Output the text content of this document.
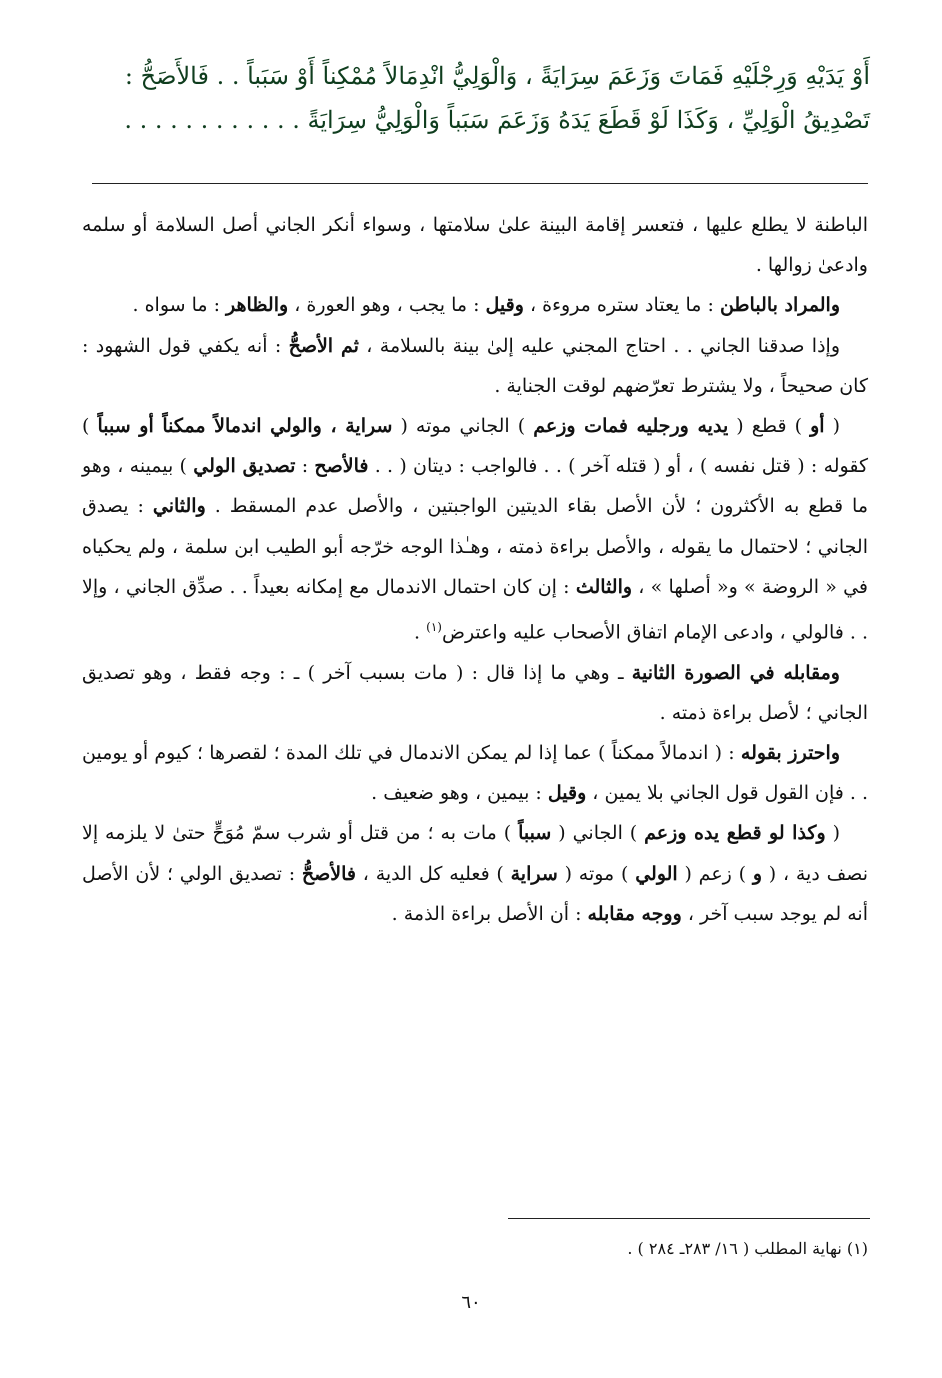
أَوْ يَدَيْهِ وَرِجْلَيْهِ فَمَاتَ وَزَعَمَ سِرَايَةً ، وَالْوَلِيُّ انْدِمَالاً مُمْكِناً أَوْ سَبَباً . . فَالأَصَحُّ :

تَصْدِيقُ الْوَلِيِّ ، وَكَذَا لَوْ قَطَعَ يَدَهُ وَزَعَمَ سَبَباً وَالْوَلِيُّ سِرَايَةً . . . . . . . . . . . .

الباطنة لا يطلع عليها ، فتعسر إقامة البينة علىٰ سلامتها ، وسواء أنكر الجاني أصل السلامة أو سلمه وادعىٰ زوالها .

والمراد بالباطن : ما يعتاد ستره مروءة ، وقيل : ما يجب ، وهو العورة ، والظاهر : ما سواه .

وإذا صدقنا الجاني . . احتاج المجني عليه إلىٰ بينة بالسلامة ، ثم الأصحُّ : أنه يكفي قول الشهود : كان صحيحاً ، ولا يشترط تعرّضهم لوقت الجناية .

( أو ) قطع ( يديه ورجليه فمات وزعم ) الجاني موته ( سراية ، والولي اندمالاً ممكناً أو سبباً ) كقوله : ( قتل نفسه ) ، أو ( قتله آخر ) . . فالواجب : ديتان ( . . فالأصح : تصديق الولي ) بيمينه ، وهو ما قطع به الأكثرون ؛ لأن الأصل بقاء الديتين الواجبتين ، والأصل عدم المسقط . والثاني : يصدق الجاني ؛ لاحتمال ما يقوله ، والأصل براءة ذمته ، وهـٰذا الوجه خرّجه أبو الطيب ابن سلمة ، ولم يحكياه في « الروضة » و« أصلها » ، والثالث : إن كان احتمال الاندمال مع إمكانه بعيداً . . صدِّق الجاني ، وإلا . . فالولي ، وادعى الإمام اتفاق الأصحاب عليه واعترض$^{(١)}$ .

ومقابله في الصورة الثانية ـ وهي ما إذا قال : ( مات بسبب آخر ) ـ : وجه فقط ، وهو تصديق الجاني ؛ لأصل براءة ذمته .

واحترز بقوله : ( اندمالاً ممكناً ) عما إذا لم يمكن الاندمال في تلك المدة ؛ لقصرها ؛ كيوم أو يومين . . فإن القول قول الجاني بلا يمين ، وقيل : بيمين ، وهو ضعيف .

( وكذا لو قطع يده وزعم ) الجاني ( سبباً ) مات به ؛ من قتل أو شرب سمّ مُوَحٍّ حتىٰ لا يلزمه إلا نصف دية ، ( و ) زعم ( الولي ) موته ( سراية ) فعليه كل الدية ، فالأصحُّ : تصديق الولي ؛ لأن الأصل أنه لم يوجد سبب آخر ، ووجه مقابله : أن الأصل براءة الذمة .

(١) نهاية المطلب ( ١٦/ ٢٨٣ـ ٢٨٤ ) .
٦٠
